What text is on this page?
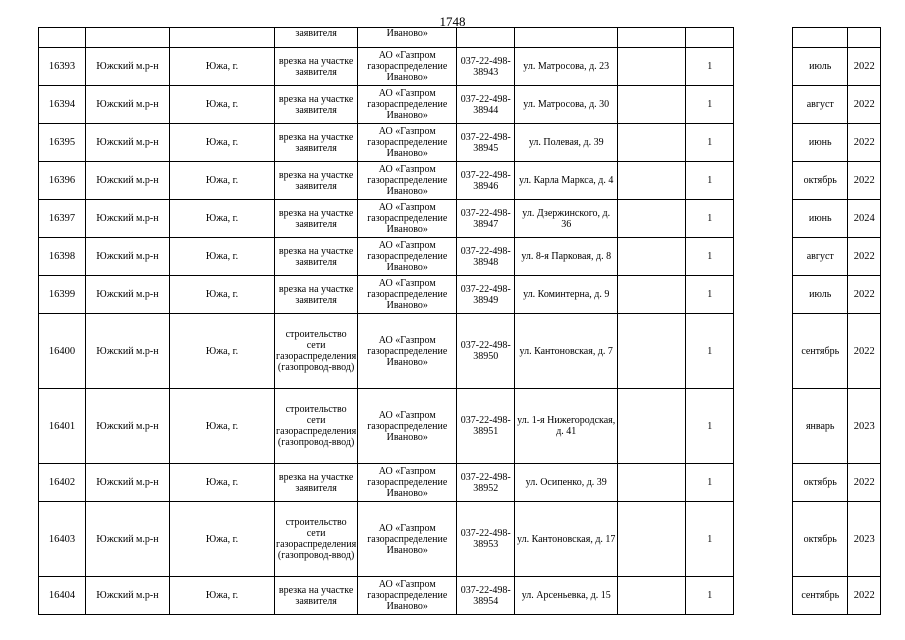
1748
			заявителя	Иваново»							
16393	Южский м.р-н	Южа, г.	врезка на участке заявителя	АО «Газпром газораспределение Иваново»	037-22-498-38943	ул. Матросова, д. 23		1		июль	2022
16394	Южский м.р-н	Южа, г.	врезка на участке заявителя	АО «Газпром газораспределение Иваново»	037-22-498-38944	ул. Матросова, д. 30		1		август	2022
16395	Южский м.р-н	Южа, г.	врезка на участке заявителя	АО «Газпром газораспределение Иваново»	037-22-498-38945	ул. Полевая, д. 39		1		июнь	2022
16396	Южский м.р-н	Южа, г.	врезка на участке заявителя	АО «Газпром газораспределение Иваново»	037-22-498-38946	ул. Карла Маркса, д. 4		1		октябрь	2022
16397	Южский м.р-н	Южа, г.	врезка на участке заявителя	АО «Газпром газораспределение Иваново»	037-22-498-38947	ул. Дзержинского, д. 36		1		июнь	2024
16398	Южский м.р-н	Южа, г.	врезка на участке заявителя	АО «Газпром газораспределение Иваново»	037-22-498-38948	ул. 8-я Парковая, д. 8		1		август	2022
16399	Южский м.р-н	Южа, г.	врезка на участке заявителя	АО «Газпром газораспределение Иваново»	037-22-498-38949	ул. Коминтерна, д. 9		1		июль	2022
16400	Южский м.р-н	Южа, г.	строительство сети газораспределения (газопровод-ввод)	АО «Газпром газораспределение Иваново»	037-22-498-38950	ул. Кантоновская, д. 7		1		сентябрь	2022
16401	Южский м.р-н	Южа, г.	строительство сети газораспределения (газопровод-ввод)	АО «Газпром газораспределение Иваново»	037-22-498-38951	ул. 1-я Нижегородская, д. 41		1		январь	2023
16402	Южский м.р-н	Южа, г.	врезка на участке заявителя	АО «Газпром газораспределение Иваново»	037-22-498-38952	ул. Осипенко, д. 39		1		октябрь	2022
16403	Южский м.р-н	Южа, г.	строительство сети газораспределения (газопровод-ввод)	АО «Газпром газораспределение Иваново»	037-22-498-38953	ул. Кантоновская, д. 17		1		октябрь	2023
16404	Южский м.р-н	Южа, г.	врезка на участке заявителя	АО «Газпром газораспределение Иваново»	037-22-498-38954	ул. Арсеньевка, д. 15		1		сентябрь	2022
